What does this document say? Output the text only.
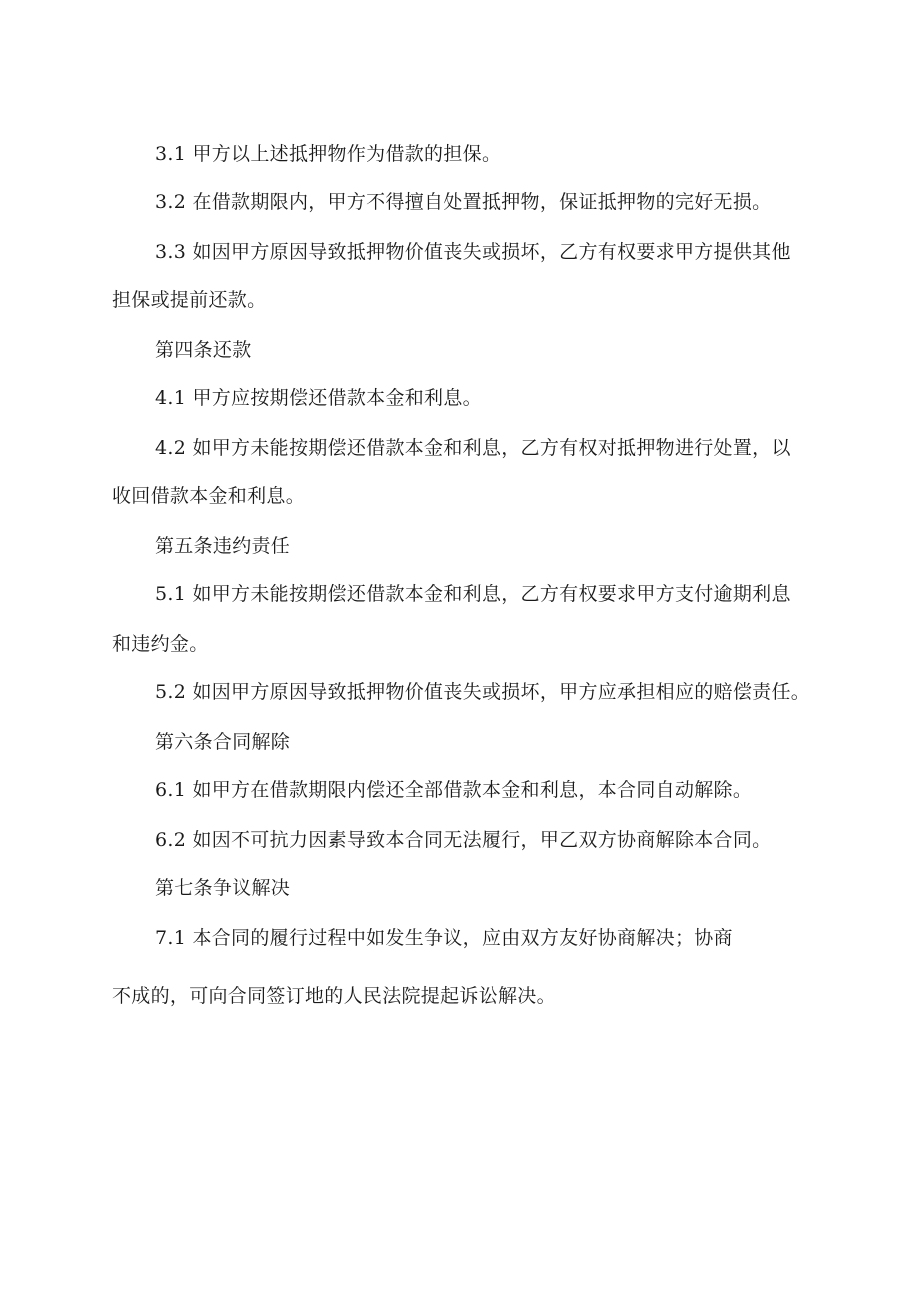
3.1 甲方以上述抵押物作为借款的担保。
3.2 在借款期限内，甲方不得擅自处置抵押物，保证抵押物的完好无损。
3.3 如因甲方原因导致抵押物价值丧失或损坏，乙方有权要求甲方提供其他
担保或提前还款。
第四条还款
4.1 甲方应按期偿还借款本金和利息。
4.2 如甲方未能按期偿还借款本金和利息，乙方有权对抵押物进行处置，以
收回借款本金和利息。
第五条违约责任
5.1 如甲方未能按期偿还借款本金和利息，乙方有权要求甲方支付逾期利息
和违约金。
5.2 如因甲方原因导致抵押物价值丧失或损坏，甲方应承担相应的赔偿责任。
第六条合同解除
6.1 如甲方在借款期限内偿还全部借款本金和利息，本合同自动解除。
6.2 如因不可抗力因素导致本合同无法履行，甲乙双方协商解除本合同。
第七条争议解决
7.1 本合同的履行过程中如发生争议，应由双方友好协商解决；协商
不成的，可向合同签订地的人民法院提起诉讼解决。
